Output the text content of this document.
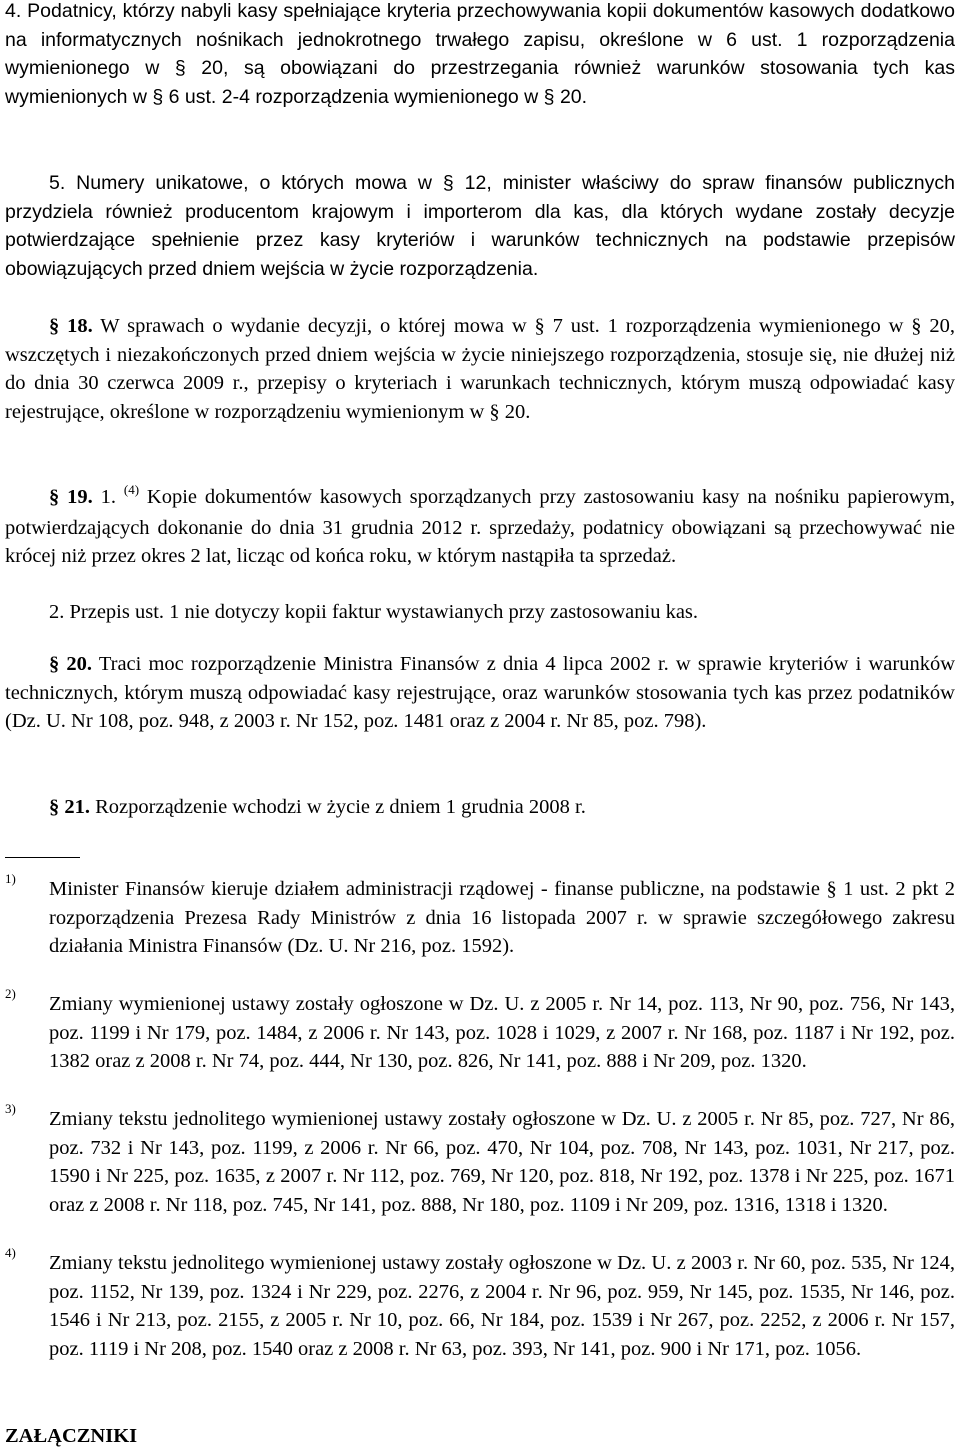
4. Podatnicy, którzy nabyli kasy spełniające kryteria przechowywania kopii dokumentów kasowych dodatkowo na informatycznych nośnikach jednokrotnego trwałego zapisu, określone w 6 ust. 1 rozporządzenia wymienionego w § 20, są obowiązani do przestrzegania również warunków stosowania tych kas wymienionych w § 6 ust. 2-4 rozporządzenia wymienionego w § 20.

5. Numery unikatowe, o których mowa w § 12, minister właściwy do spraw finansów publicznych przydziela również producentom krajowym i importerom dla kas, dla których wydane zostały decyzje potwierdzające spełnienie przez kasy kryteriów i warunków technicznych na podstawie przepisów obowiązujących przed dniem wejścia w życie rozporządzenia.

§ 18. W sprawach o wydanie decyzji, o której mowa w § 7 ust. 1 rozporządzenia wymienionego w § 20, wszczętych i niezakończonych przed dniem wejścia w życie niniejszego rozporządzenia, stosuje się, nie dłużej niż do dnia 30 czerwca 2009 r., przepisy o kryteriach i warunkach technicznych, którym muszą odpowiadać kasy rejestrujące, określone w rozporządzeniu wymienionym w § 20.

§ 19. 1. $^{(4)}$ Kopie dokumentów kasowych sporządzanych przy zastosowaniu kasy na nośniku papierowym, potwierdzających dokonanie do dnia 31 grudnia 2012 r. sprzedaży, podatnicy obowiązani są przechowywać nie krócej niż przez okres 2 lat, licząc od końca roku, w którym nastąpiła ta sprzedaż.

2. Przepis ust. 1 nie dotyczy kopii faktur wystawianych przy zastosowaniu kas.

§ 20. Traci moc rozporządzenie Ministra Finansów z dnia 4 lipca 2002 r. w sprawie kryteriów i warunków technicznych, którym muszą odpowiadać kasy rejestrujące, oraz warunków stosowania tych kas przez podatników (Dz. U. Nr 108, poz. 948, z 2003 r. Nr 152, poz. 1481 oraz z 2004 r. Nr 85, poz. 798).

§ 21. Rozporządzenie wchodzi w życie z dniem 1 grudnia 2008 r.

1) Minister Finansów kieruje działem administracji rządowej - finanse publiczne, na podstawie § 1 ust. 2 pkt 2 rozporządzenia Prezesa Rady Ministrów z dnia 16 listopada 2007 r. w sprawie szczegółowego zakresu działania Ministra Finansów (Dz. U. Nr 216, poz. 1592).
2) Zmiany wymienionej ustawy zostały ogłoszone w Dz. U. z 2005 r. Nr 14, poz. 113, Nr 90, poz. 756, Nr 143, poz. 1199 i Nr 179, poz. 1484, z 2006 r. Nr 143, poz. 1028 i 1029, z 2007 r. Nr 168, poz. 1187 i Nr 192, poz. 1382 oraz z 2008 r. Nr 74, poz. 444, Nr 130, poz. 826, Nr 141, poz. 888 i Nr 209, poz. 1320.
3) Zmiany tekstu jednolitego wymienionej ustawy zostały ogłoszone w Dz. U. z 2005 r. Nr 85, poz. 727, Nr 86, poz. 732 i Nr 143, poz. 1199, z 2006 r. Nr 66, poz. 470, Nr 104, poz. 708, Nr 143, poz. 1031, Nr 217, poz. 1590 i Nr 225, poz. 1635, z 2007 r. Nr 112, poz. 769, Nr 120, poz. 818, Nr 192, poz. 1378 i Nr 225, poz. 1671 oraz z 2008 r. Nr 118, poz. 745, Nr 141, poz. 888, Nr 180, poz. 1109 i Nr 209, poz. 1316, 1318 i 1320.
4) Zmiany tekstu jednolitego wymienionej ustawy zostały ogłoszone w Dz. U. z 2003 r. Nr 60, poz. 535, Nr 124, poz. 1152, Nr 139, poz. 1324 i Nr 229, poz. 2276, z 2004 r. Nr 96, poz. 959, Nr 145, poz. 1535, Nr 146, poz. 1546 i Nr 213, poz. 2155, z 2005 r. Nr 10, poz. 66, Nr 184, poz. 1539 i Nr 267, poz. 2252, z 2006 r. Nr 157, poz. 1119 i Nr 208, poz. 1540 oraz z 2008 r. Nr 63, poz. 393, Nr 141, poz. 900 i Nr 171, poz. 1056.
ZAŁĄCZNIKI
